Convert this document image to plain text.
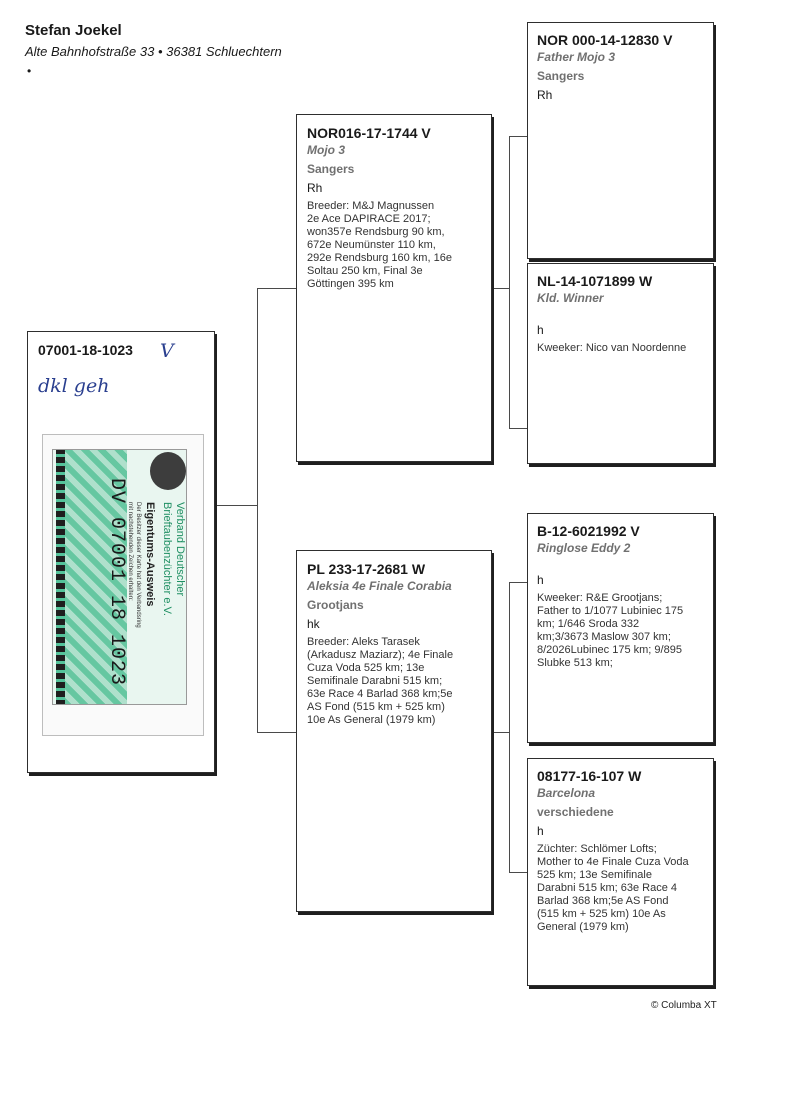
Stefan Joekel
Alte Bahnhofstraße 33 • 36381 Schluechtern
•
07001-18-1023	V
dkl geh
Verband Deutscher
Brieftaubenzüchter e.V.
Eigentums-Ausweis
Der Besitzer dieser Karte hat den Verbandsring
mit nachstehenden Zeichen erhalten:
DV 07001 18 1023
NOR016-17-1744 V
Mojo 3
Sangers
Rh
Breeder: M&J Magnussen
2e Ace DAPIRACE 2017;
won357e Rendsburg 90 km,
672e Neumünster 110 km,
292e Rendsburg 160 km, 16e
Soltau 250 km, Final 3e
Göttingen 395 km
PL 233-17-2681 W
Aleksia 4e Finale Corabia
Grootjans
hk
Breeder: Aleks Tarasek
(Arkadusz Maziarz); 4e Finale
Cuza Voda 525 km; 13e
Semifinale Darabni 515 km;
63e Race 4 Barlad 368 km;5e
AS Fond (515 km + 525 km)
10e As General (1979 km)
NOR 000-14-12830 V
Father Mojo 3
Sangers
Rh
NL-14-1071899 W
Kld. Winner
h
Kweeker: Nico van Noordenne
B-12-6021992 V
Ringlose Eddy 2
h
Kweeker: R&E Grootjans;
Father to 1/1077 Lubiniec 175
km; 1/646 Sroda 332
km;3/3673 Maslow 307 km;
8/2026Lubinec 175 km; 9/895
Slubke 513 km;
08177-16-107 W
Barcelona
verschiedene
h
Züchter: Schlömer Lofts;
Mother to 4e Finale Cuza Voda
525 km; 13e Semifinale
Darabni 515 km; 63e Race 4
Barlad 368 km;5e AS Fond
(515 km + 525 km) 10e As
General (1979 km)
© Columba XT
